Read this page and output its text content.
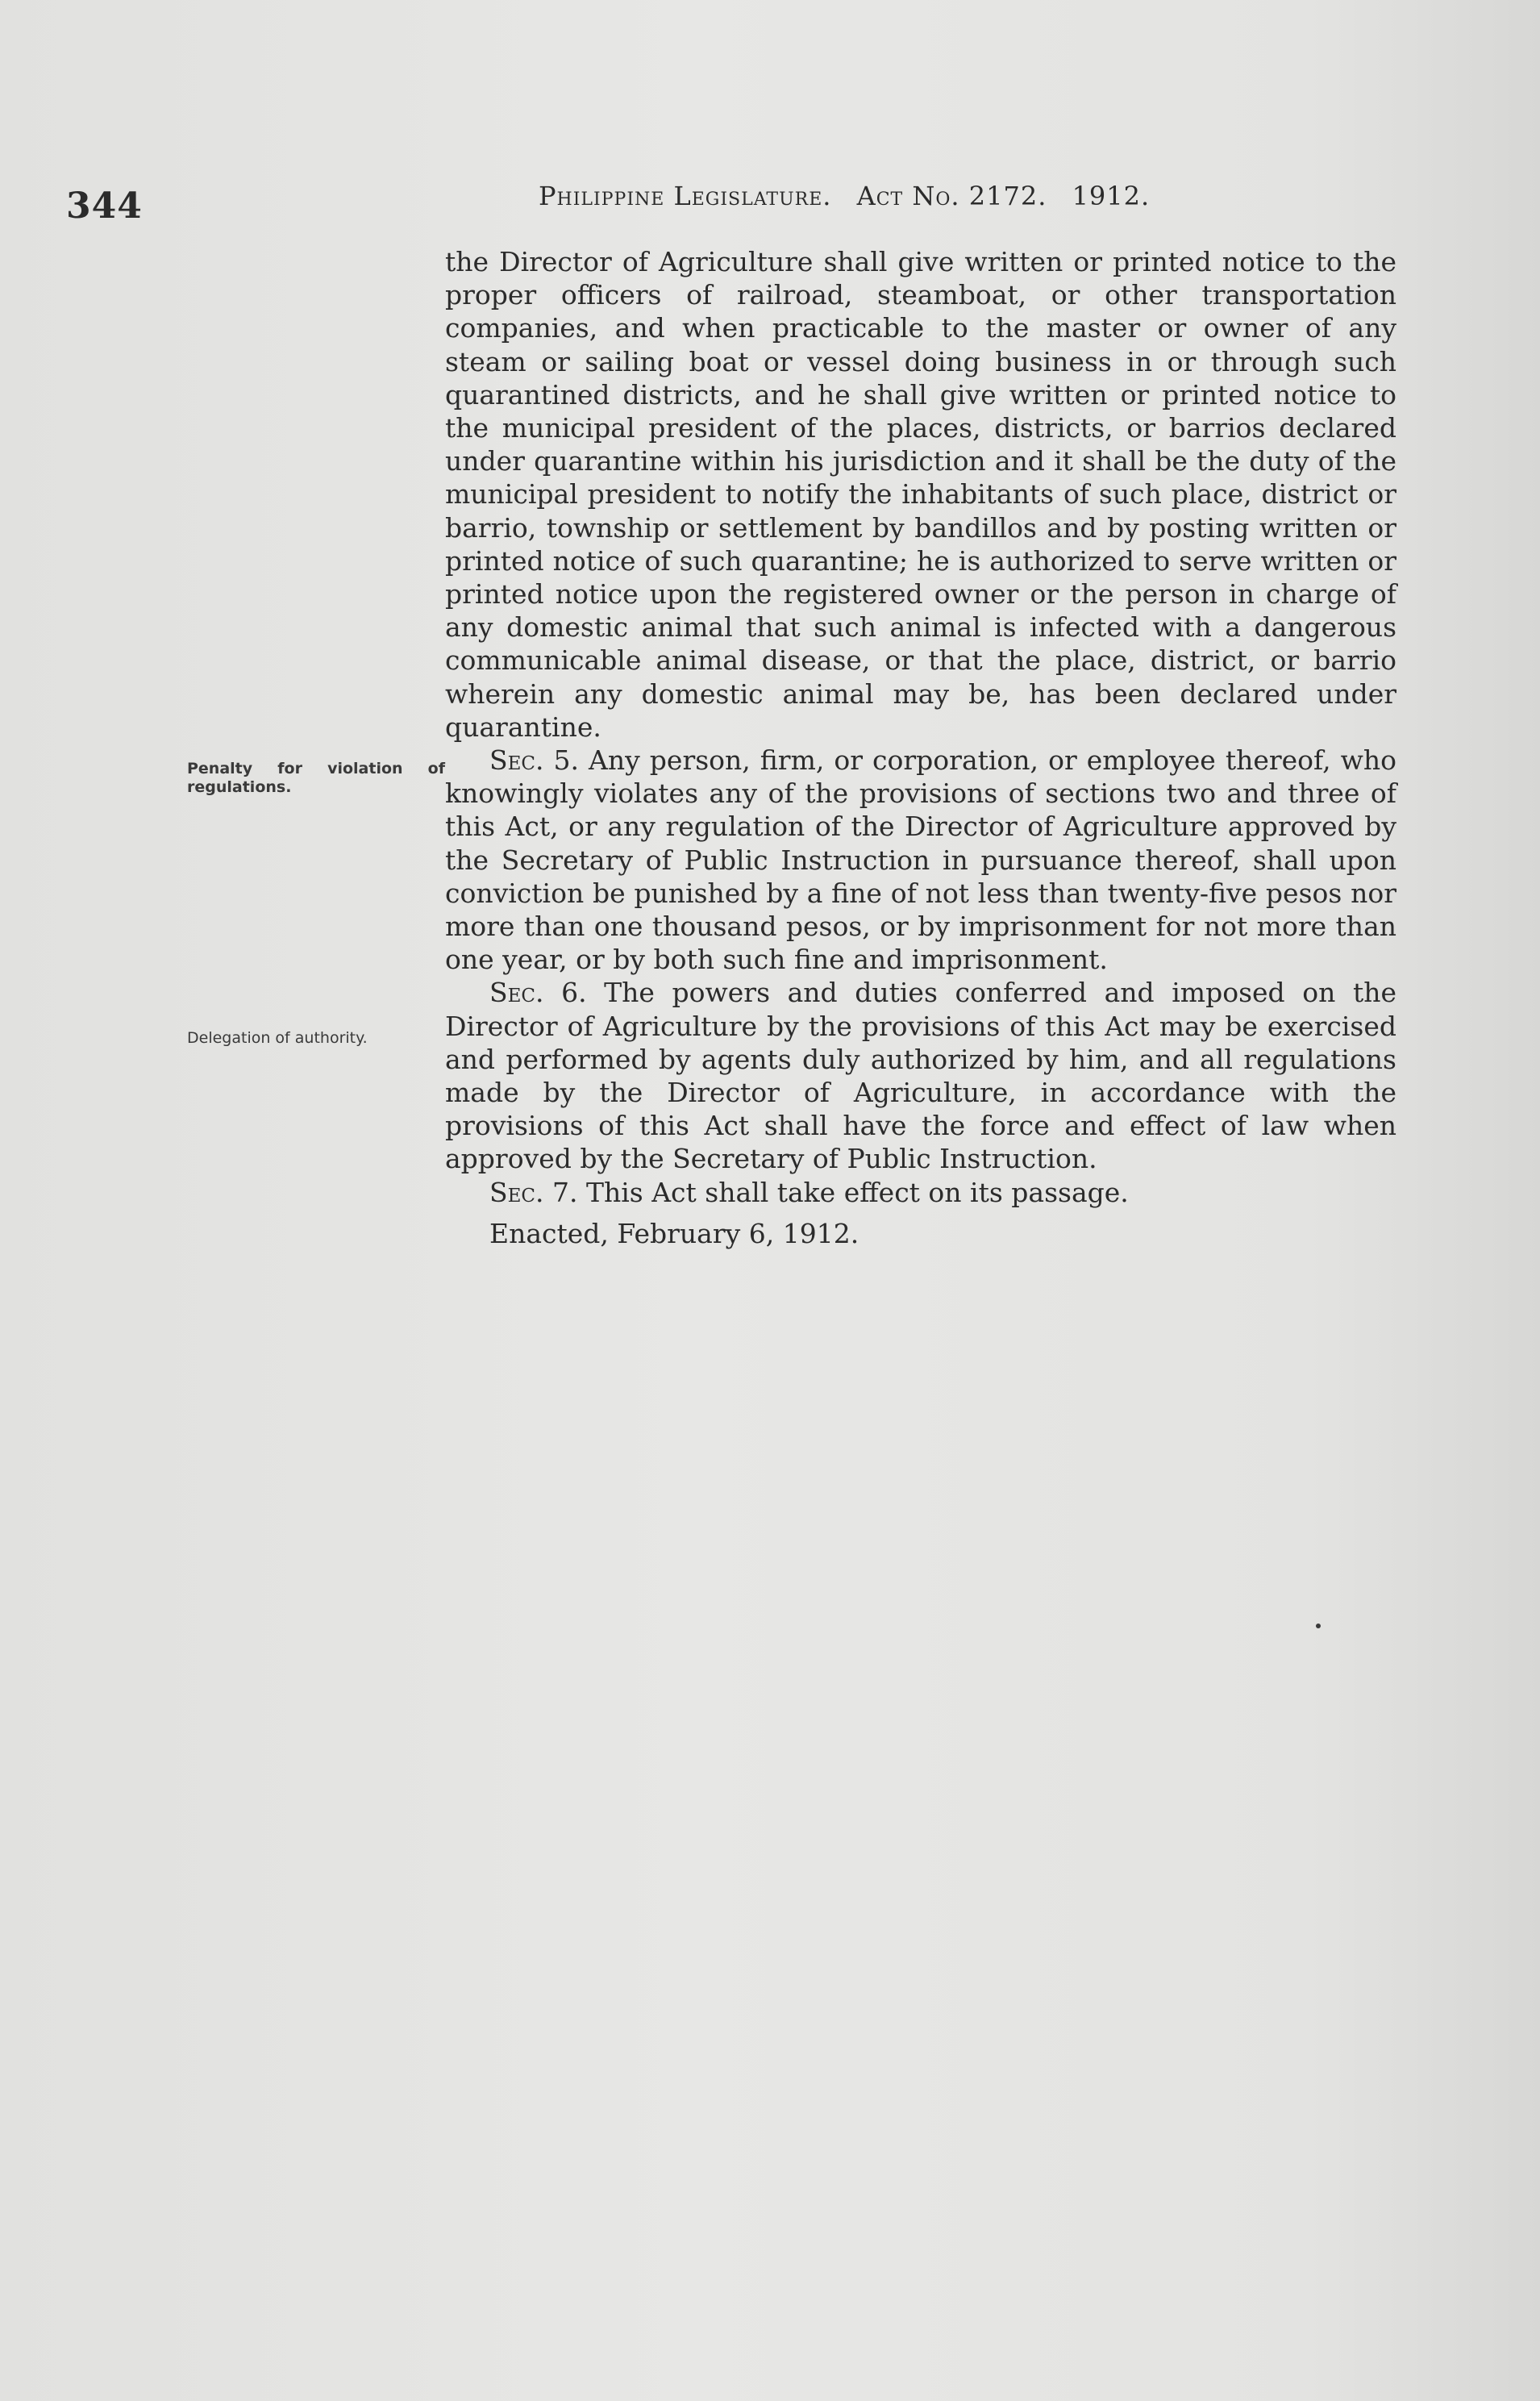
344	Philippine Legislature. Act No. 2172. 1912.
Penalty for violation of regulations.
Delegation of authority.

the Director of Agriculture shall give written or printed notice to the proper officers of railroad, steamboat, or other transportation companies, and when practicable to the master or owner of any steam or sailing boat or vessel doing business in or through such quarantined districts, and he shall give written or printed notice to the municipal president of the places, districts, or barrios declared under quarantine within his jurisdiction and it shall be the duty of the municipal president to notify the inhabitants of such place, district or barrio, township or settlement by bandillos and by posting written or printed notice of such quarantine; he is authorized to serve written or printed notice upon the registered owner or the person in charge of any domestic animal that such animal is infected with a dangerous communicable animal disease, or that the place, district, or barrio wherein any domestic animal may be, has been declared under quarantine.

Sec. 5. Any person, firm, or corporation, or employee thereof, who knowingly violates any of the provisions of sections two and three of this Act, or any regulation of the Director of Agriculture approved by the Secretary of Public Instruction in pursuance thereof, shall upon conviction be punished by a fine of not less than twenty-five pesos nor more than one thousand pesos, or by imprisonment for not more than one year, or by both such fine and imprisonment.

Sec. 6. The powers and duties conferred and imposed on the Director of Agriculture by the provisions of this Act may be exercised and performed by agents duly authorized by him, and all regulations made by the Director of Agriculture, in accordance with the provisions of this Act shall have the force and effect of law when approved by the Secretary of Public Instruction.

Sec. 7. This Act shall take effect on its passage.

Enacted, February 6, 1912.
